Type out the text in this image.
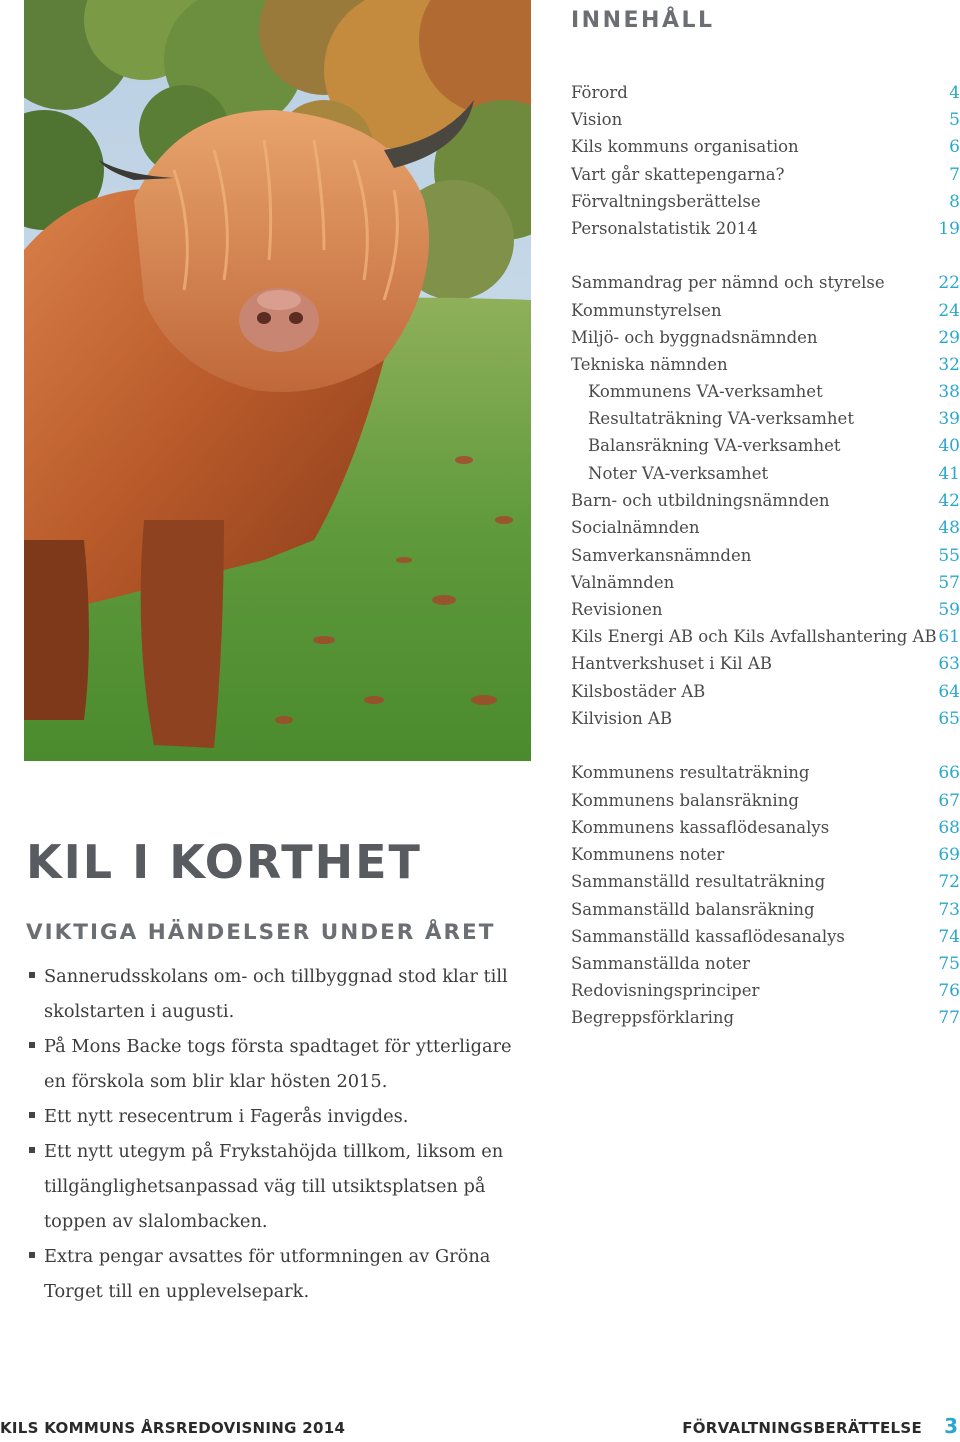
INNEHÅLL
Förord	4
Vision	5
Kils kommuns organisation	6
Vart går skattepengarna?	7
Förvaltningsberättelse	8
Personalstatistik 2014	19
Sammandrag per nämnd och styrelse	22
Kommunstyrelsen	24
Miljö- och byggnadsnämnden	29
Tekniska nämnden	32
Kommunens VA-verksamhet	38
Resultaträkning VA-verksamhet	39
Balansräkning VA-verksamhet	40
Noter VA-verksamhet	41
Barn- och utbildningsnämnden	42
Socialnämnden	48
Samverkansnämnden	55
Valnämnden	57
Revisionen	59
Kils Energi AB och Kils Avfallshantering AB 61
Hantverkshuset i Kil AB	63
Kilsbostäder AB	64
Kilvision AB	65
Kommunens resultaträkning	66
Kommunens balansräkning	67
Kommunens kassaflödesanalys	68
Kommunens noter	69
Sammanställd resultaträkning	72
Sammanställd balansräkning	73
Sammanställd kassaflödesanalys	74
Sammanställda noter	75
Redovisningsprinciper	76
Begreppsförklaring	77
KIL I KORTHET
VIKTIGA HÄNDELSER UNDER ÅRET
Sannerudsskolans om- och tillbyggnad stod klar till skolstarten i augusti.
På Mons Backe togs första spadtaget för ytterligare en förskola som blir klar hösten 2015.
Ett nytt resecentrum i Fagerås invigdes.
Ett nytt utegym på Frykstahöjda tillkom, liksom en tillgänglighetsanpassad väg till utsiktsplatsen på toppen av slalombacken.
Extra pengar avsattes för utformningen av Gröna Torget till en upplevelsepark.
KILS KOMMUNS ÅRSREDOVISNING 2014	FÖRVALTNINGSBERÄTTELSE 3
